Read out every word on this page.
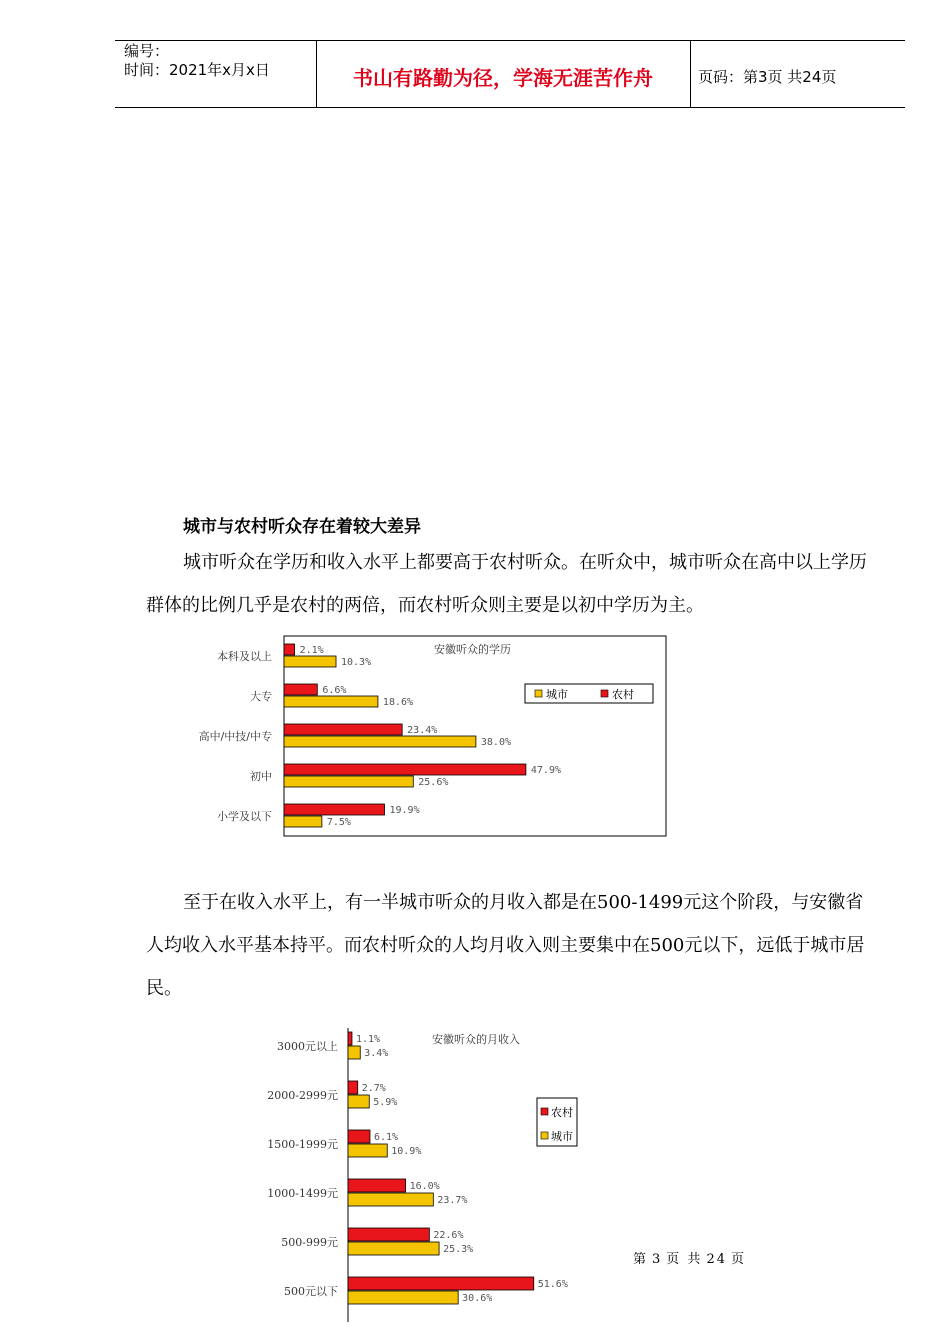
编号：
时间：2021年x月x日	书山有路勤为径，学海无涯苦作舟	页码：第3页 共24页
城市与农村听众存在着较大差异
城市听众在学历和收入水平上都要高于农村听众。在听众中，城市听众在高中以上学历群体的比例几乎是农村的两倍，而农村听众则主要是以初中学历为主。
安徽听众的学历
本科及以上	2.1%
10.3%
大专	6.6%
18.6%
高中/中技/中专	23.4%
38.0%
初中	47.9%
25.6%
小学及以下	19.9%
7.5%
城市	农村
至于在收入水平上，有一半城市听众的月收入都是在500-1499元这个阶段，与安徽省人均收入水平基本持平。而农村听众的人均月收入则主要集中在500元以下，远低于城市居民。
安徽听众的月收入
3000元以上
1.1%
3.4%
2000-2999元
2.7%
5.9%
1500-1999元
6.1%
10.9%
1000-1499元
16.0%
23.7%
500-999元
22.6%
25.3%
500元以下
51.6%
30.6%
农村
城市
第 3 页 共 24 页
